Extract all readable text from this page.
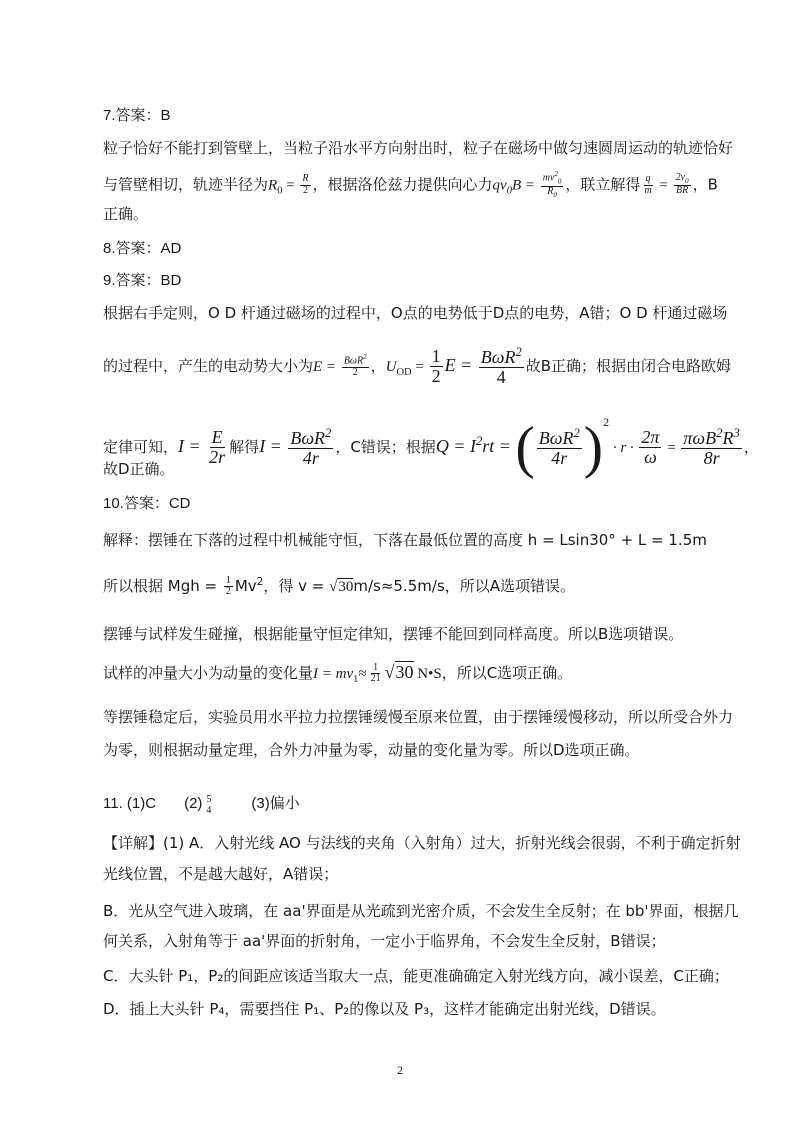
7.答案：B
粒子恰好不能打到管壁上，当粒子沿水平方向射出时，粒子在磁场中做匀速圆周运动的轨迹恰好
与管壁相切，轨迹半径为$R_0 = \frac{R}{2}$ ，根据洛伦兹力提供向心力$qv_0B = \frac{mv^2_0}{R_0}$ ，联立解得 $\frac{q}{m} = \frac{2v_0}{BR}$ ，B
正确。
8.答案：AD
9.答案：BD
根据右手定则，O D 杆通过磁场的过程中，O点的电势低于D点的电势，A错；O D 杆通过磁场
的过程中，产生的电动势大小为$E = \frac{B\omega R^2}{2}$ ，$U_{OD} = \frac{1}{2}$ $E = \frac{B\omega R^2}{4}$ 故B正确；根据由闭合电路欧姆
定律可知，$I = \frac{E}{2r}$ 解得$I = \frac{B\omega R^2}{4r}$ ，C错误；根据$Q = I^2rt$ = ( $\frac{B\omega R^2}{4r} )^2 \cdot r \cdot \frac{2\pi}{\omega} = \frac{\pi\omega B^2R^3}{8r}$ ，
故D正确。
10.答案：CD
解释：摆锤在下落的过程中机械能守恒，下落在最低位置的高度 h = Lsin30° + L = 1.5m
所以根据 Mgh = $\frac{1}{2} Mv^2$，得 v = √30m/s≈5.5m/s，所以A选项错误。
摆锤与试样发生碰撞，根据能量守恒定律知，摆锤不能回到同样高度。所以B选项错误。
试样的冲量大小为动量的变化量$I = mv_1\approx \frac{1}{21} √30$ N•S，所以C选项正确。
等摆锤稳定后，实验员用水平拉力拉摆锤缓慢至原来位置，由于摆锤缓慢移动，所以所受合外力
为零，则根据动量定理，合外力冲量为零，动量的变化量为零。所以D选项正确。
11. (1)C (2) 5
4	(3)偏小
【详解】(1) A．入射光线 AO 与法线的夹角（入射角）过大，折射光线会很弱，不利于确定折射
光线位置，不是越大越好，A错误；
B．光从空气进入玻璃，在 aa'界面是从光疏到光密介质，不会发生全反射；在 bb'界面，根据几
何关系，入射角等于 aa'界面的折射角，一定小于临界角，不会发生全反射，B错误；
C．大头针 P₁，P₂的间距应该适当取大一点，能更准确确定入射光线方向，减小误差，C正确；
D．插上大头针 P₄，需要挡住 P₁、P₂的像以及 P₃，这样才能确定出射光线，D错误。
2
